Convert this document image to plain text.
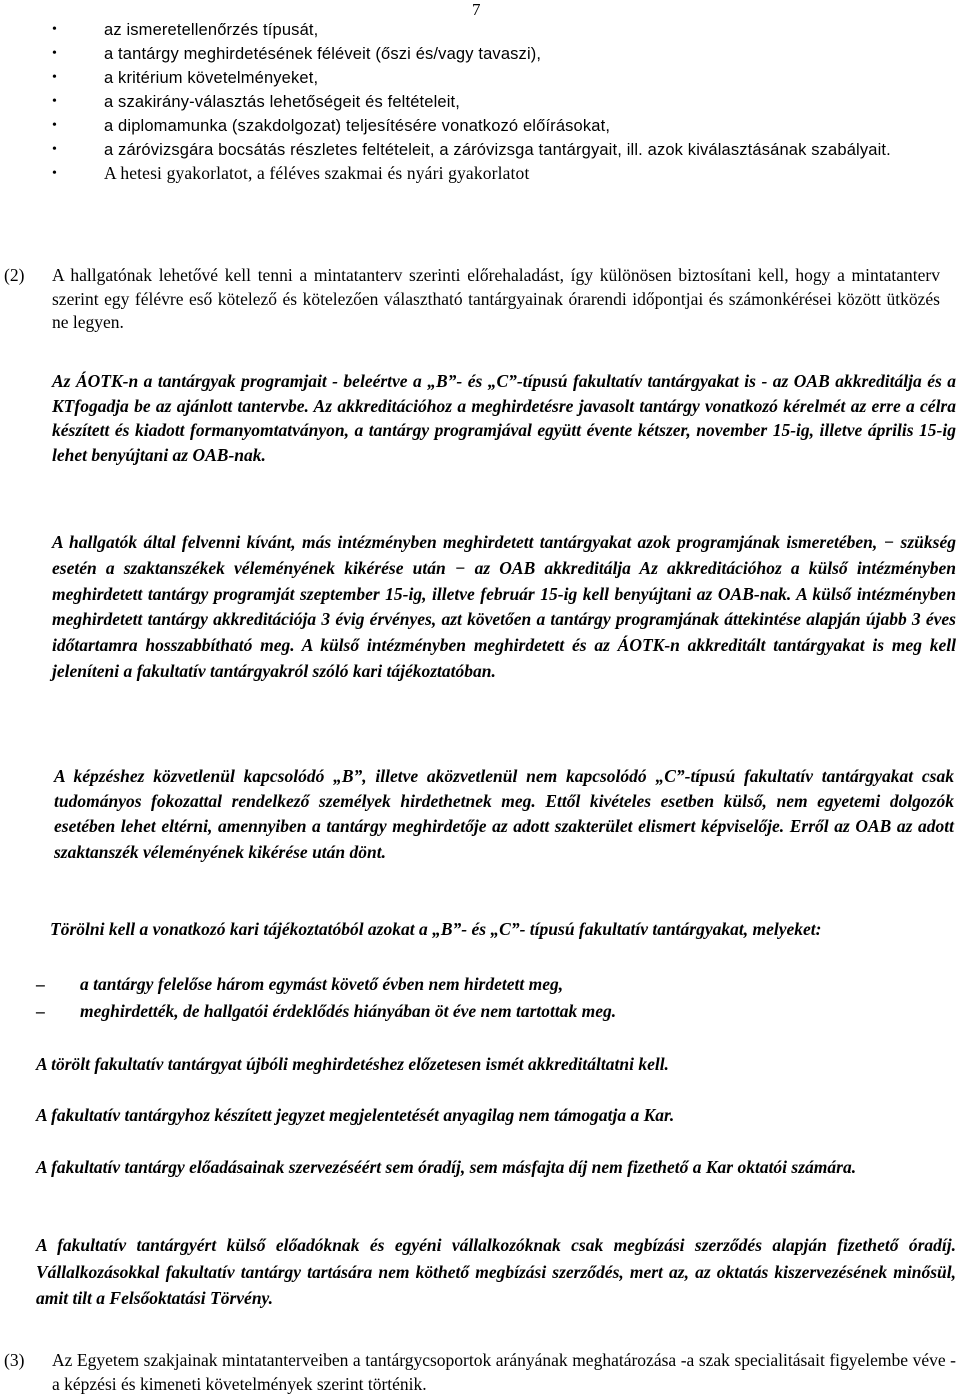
7
•	az ismeretellenőrzés típusát,
•	a tantárgy meghirdetésének féléveit (őszi és/vagy tavaszi),
•	a kritérium követelményeket,
•	a szakirány-választás lehetőségeit és feltételeit,
•	a diplomamunka (szakdolgozat) teljesítésére vonatkozó előírásokat,
•	a záróvizsgára bocsátás részletes feltételeit, a záróvizsga tantárgyait, ill. azok kiválasztásának szabályait.
•	A hetesi gyakorlatot, a féléves szakmai és nyári gyakorlatot
(2) A hallgatónak lehetővé kell tenni a mintatanterv szerinti előrehaladást, így különösen biztosítani kell, hogy a mintatanterv szerint egy félévre eső kötelező és kötelezően választható tantárgyainak órarendi időpontjai és számonkérései között ütközés ne legyen.
Az ÁOTK-n a tantárgyak programjait - beleértve a „B”- és „C”-típusú fakultatív tantárgyakat is - az OAB akkreditálja és a KTfogadja be az ajánlott tantervbe. Az akkreditációhoz a meghirdetésre javasolt tantárgy vonatkozó kérelmét az erre a célra készített és kiadott formanyomtatványon, a tantárgy programjával együtt évente kétszer, november 15-ig, illetve április 15-ig lehet benyújtani az OAB-nak.
A hallgatók által felvenni kívánt, más intézményben meghirdetett tantárgyakat azok programjának ismeretében, − szükség esetén a szaktanszékek véleményének kikérése után − az OAB akkreditálja Az akkreditációhoz a külső intézményben meghirdetett tantárgy programját szeptember 15-ig, illetve február 15-ig kell benyújtani az OAB-nak. A külső intézményben meghirdetett tantárgy akkreditációja 3 évig érvényes, azt követően a tantárgy programjának áttekintése alapján újabb 3 éves időtartamra hosszabbítható meg. A külső intézményben meghirdetett és az ÁOTK-n akkreditált tantárgyakat is meg kell jeleníteni a fakultatív tantárgyakról szóló kari tájékoztatóban.
A képzéshez közvetlenül kapcsolódó „B”, illetve aközvetlenül nem kapcsolódó „C”-típusú fakultatív tantárgyakat csak tudományos fokozattal rendelkező személyek hirdethetnek meg. Ettől kivételes esetben külső, nem egyetemi dolgozók esetében lehet eltérni, amennyiben a tantárgy meghirdetője az adott szakterület elismert képviselője. Erről az OAB az adott szaktanszék véleményének kikérése után dönt.
Törölni kell a vonatkozó kari tájékoztatóból azokat a „B”- és „C”- típusú fakultatív tantárgyakat, melyeket:
– a tantárgy felelőse három egymást követő évben nem hirdetett meg,
– meghirdették, de hallgatói érdeklődés hiányában öt éve nem tartottak meg.
A törölt fakultatív tantárgyat újbóli meghirdetéshez előzetesen ismét akkreditáltatni kell.
A fakultatív tantárgyhoz készített jegyzet megjelentetését anyagilag nem támogatja a Kar.
A fakultatív tantárgy előadásainak szervezéséért sem óradíj, sem másfajta díj nem fizethető a Kar oktatói számára.
A fakultatív tantárgyért külső előadóknak és egyéni vállalkozóknak csak megbízási szerződés alapján fizethető óradíj. Vállalkozásokkal fakultatív tantárgy tartására nem köthető megbízási szerződés, mert az, az oktatás kiszervezésének minősül, amit tilt a Felsőoktatási Törvény.
(3) Az Egyetem szakjainak mintatanterveiben a tantárgycsoportok arányának meghatározása -a szak specialitásait figyelembe véve - a képzési és kimeneti követelmények szerint történik.
